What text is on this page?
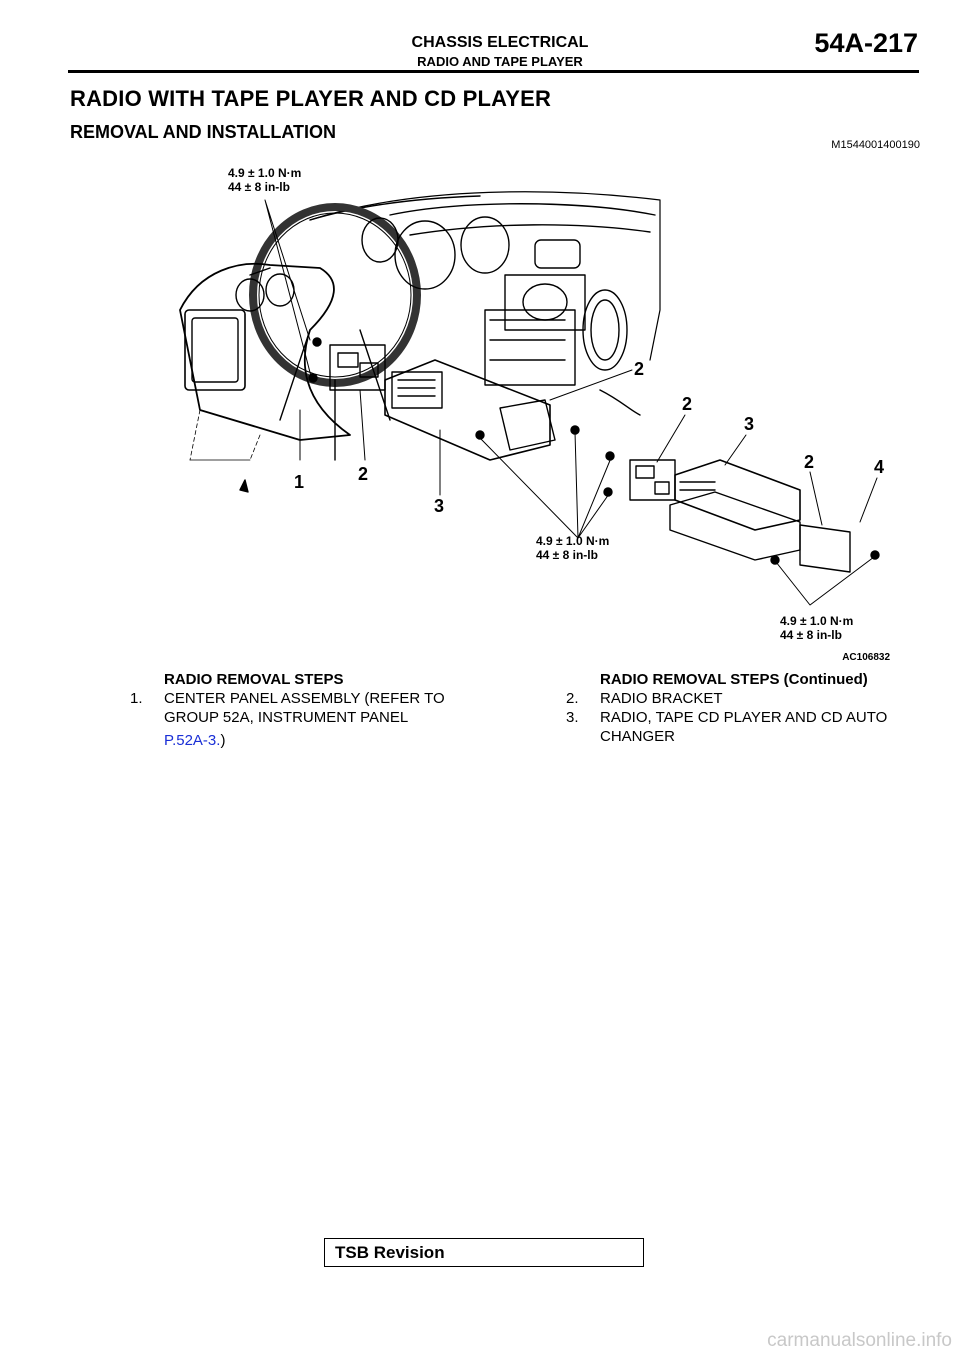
CHASSIS ELECTRICAL
RADIO AND TAPE PLAYER
54A-217
RADIO WITH TAPE PLAYER AND CD PLAYER
REMOVAL AND INSTALLATION
M1544001400190
4.9 ± 1.0 N·m
44 ± 8 in-lb
4.9 ± 1.0 N·m
44 ± 8 in-lb
4.9 ± 1.0 N·m
44 ± 8 in-lb
1	2
3
2
2
3
2	4
AC106832
RADIO REMOVAL STEPS
1. CENTER PANEL ASSEMBLY (REFER TO GROUP 52A, INSTRUMENT PANEL
P.52A-3.)
RADIO REMOVAL STEPS (Continued)
2. RADIO BRACKET
3. RADIO, TAPE CD PLAYER AND CD AUTO CHANGER
TSB Revision
carmanualsonline.info
